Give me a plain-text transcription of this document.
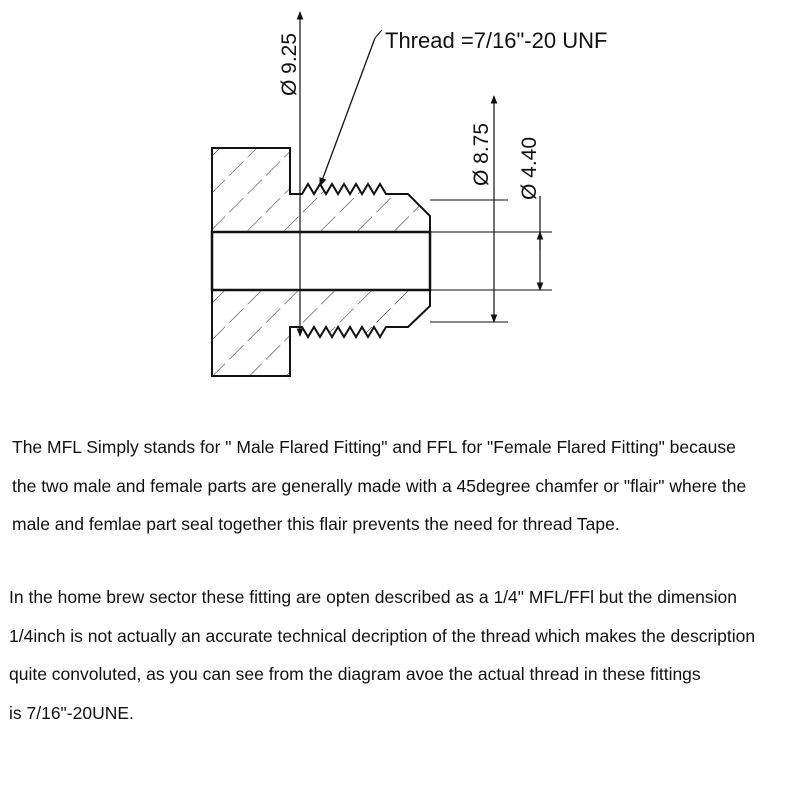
Thread =7/16"-20 UNF
Ø 9.25
Ø 8.75 Ø 4.40
The MFL Simply stands for " Male Flared Fitting" and FFL for "Female Flared Fitting" because
the two male and female parts are generally made with a 45degree chamfer or "flair" where the
male and femlae part seal together this flair prevents the need for thread Tape.
In the home brew sector these fitting are opten described as a 1/4" MFL/FFl but the dimension
1/4inch is not actually an accurate technical decription of the thread which makes the description
quite convoluted, as you can see from the diagram avoe the actual thread in these fittings
is 7/16"-20UNE.
